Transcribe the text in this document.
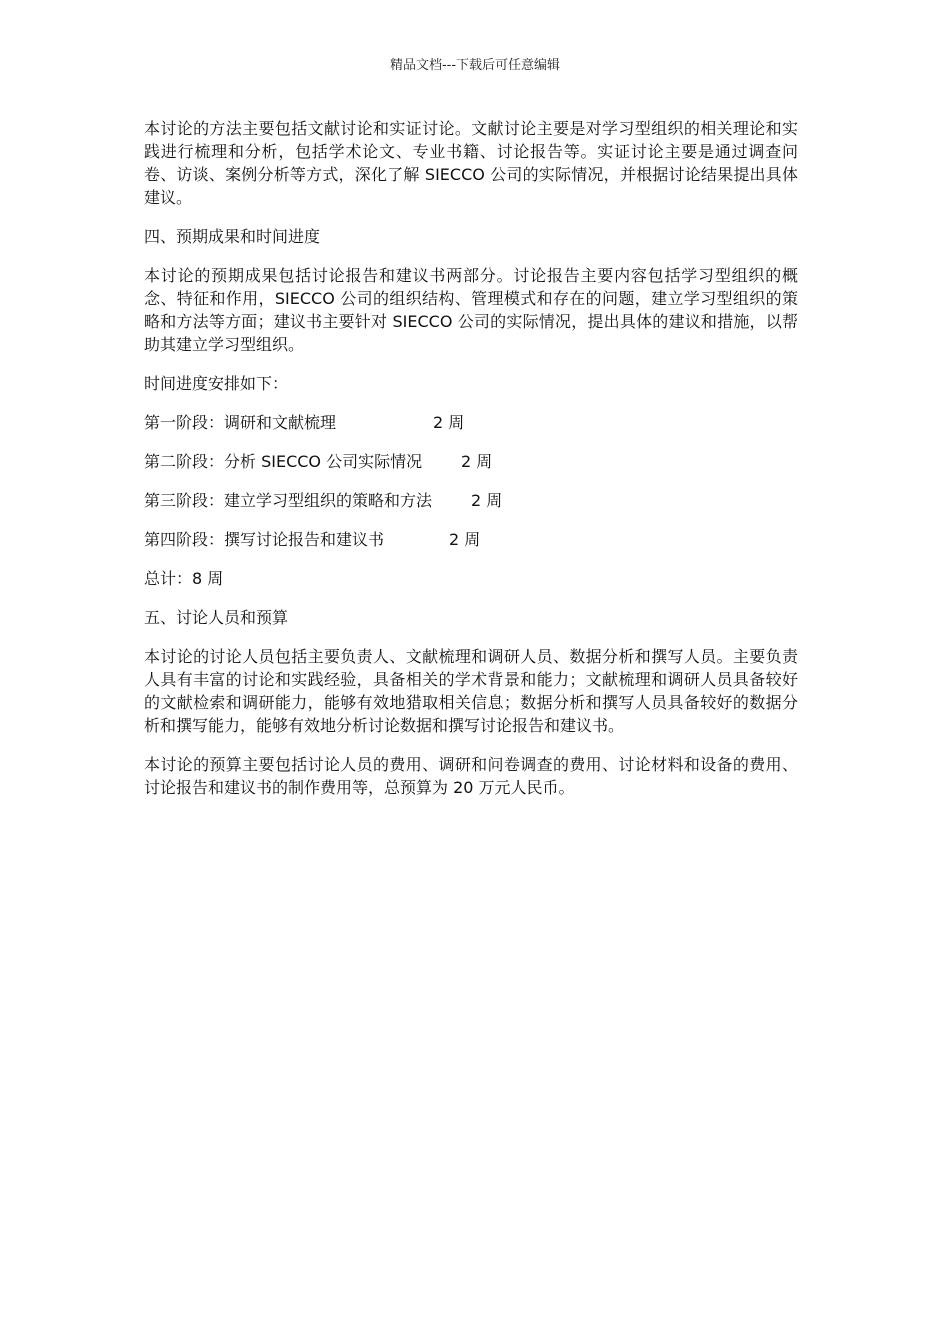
精品文档---下载后可任意编辑

本讨论的方法主要包括文献讨论和实证讨论。文献讨论主要是对学习型组织的相关理论和实践进行梳理和分析，包括学术论文、专业书籍、讨论报告等。实证讨论主要是通过调查问卷、访谈、案例分析等方式，深化了解 SIECCO 公司的实际情况，并根据讨论结果提出具体建议。

四、预期成果和时间进度

本讨论的预期成果包括讨论报告和建议书两部分。讨论报告主要内容包括学习型组织的概念、特征和作用，SIECCO 公司的组织结构、管理模式和存在的问题，建立学习型组织的策略和方法等方面；建议书主要针对 SIECCO 公司的实际情况，提出具体的建议和措施，以帮助其建立学习型组织。

时间进度安排如下：

第一阶段：调研和文献梳理	2 周
第二阶段：分析 SIECCO 公司实际情况 2 周
第三阶段：建立学习型组织的策略和方法 2 周
第四阶段：撰写讨论报告和建议书	2 周

总计：8 周

五、讨论人员和预算

本讨论的讨论人员包括主要负责人、文献梳理和调研人员、数据分析和撰写人员。主要负责人具有丰富的讨论和实践经验，具备相关的学术背景和能力；文献梳理和调研人员具备较好的文献检索和调研能力，能够有效地猎取相关信息；数据分析和撰写人员具备较好的数据分析和撰写能力，能够有效地分析讨论数据和撰写讨论报告和建议书。

本讨论的预算主要包括讨论人员的费用、调研和问卷调查的费用、讨论材料和设备的费用、讨论报告和建议书的制作费用等，总预算为 20 万元人民币。
